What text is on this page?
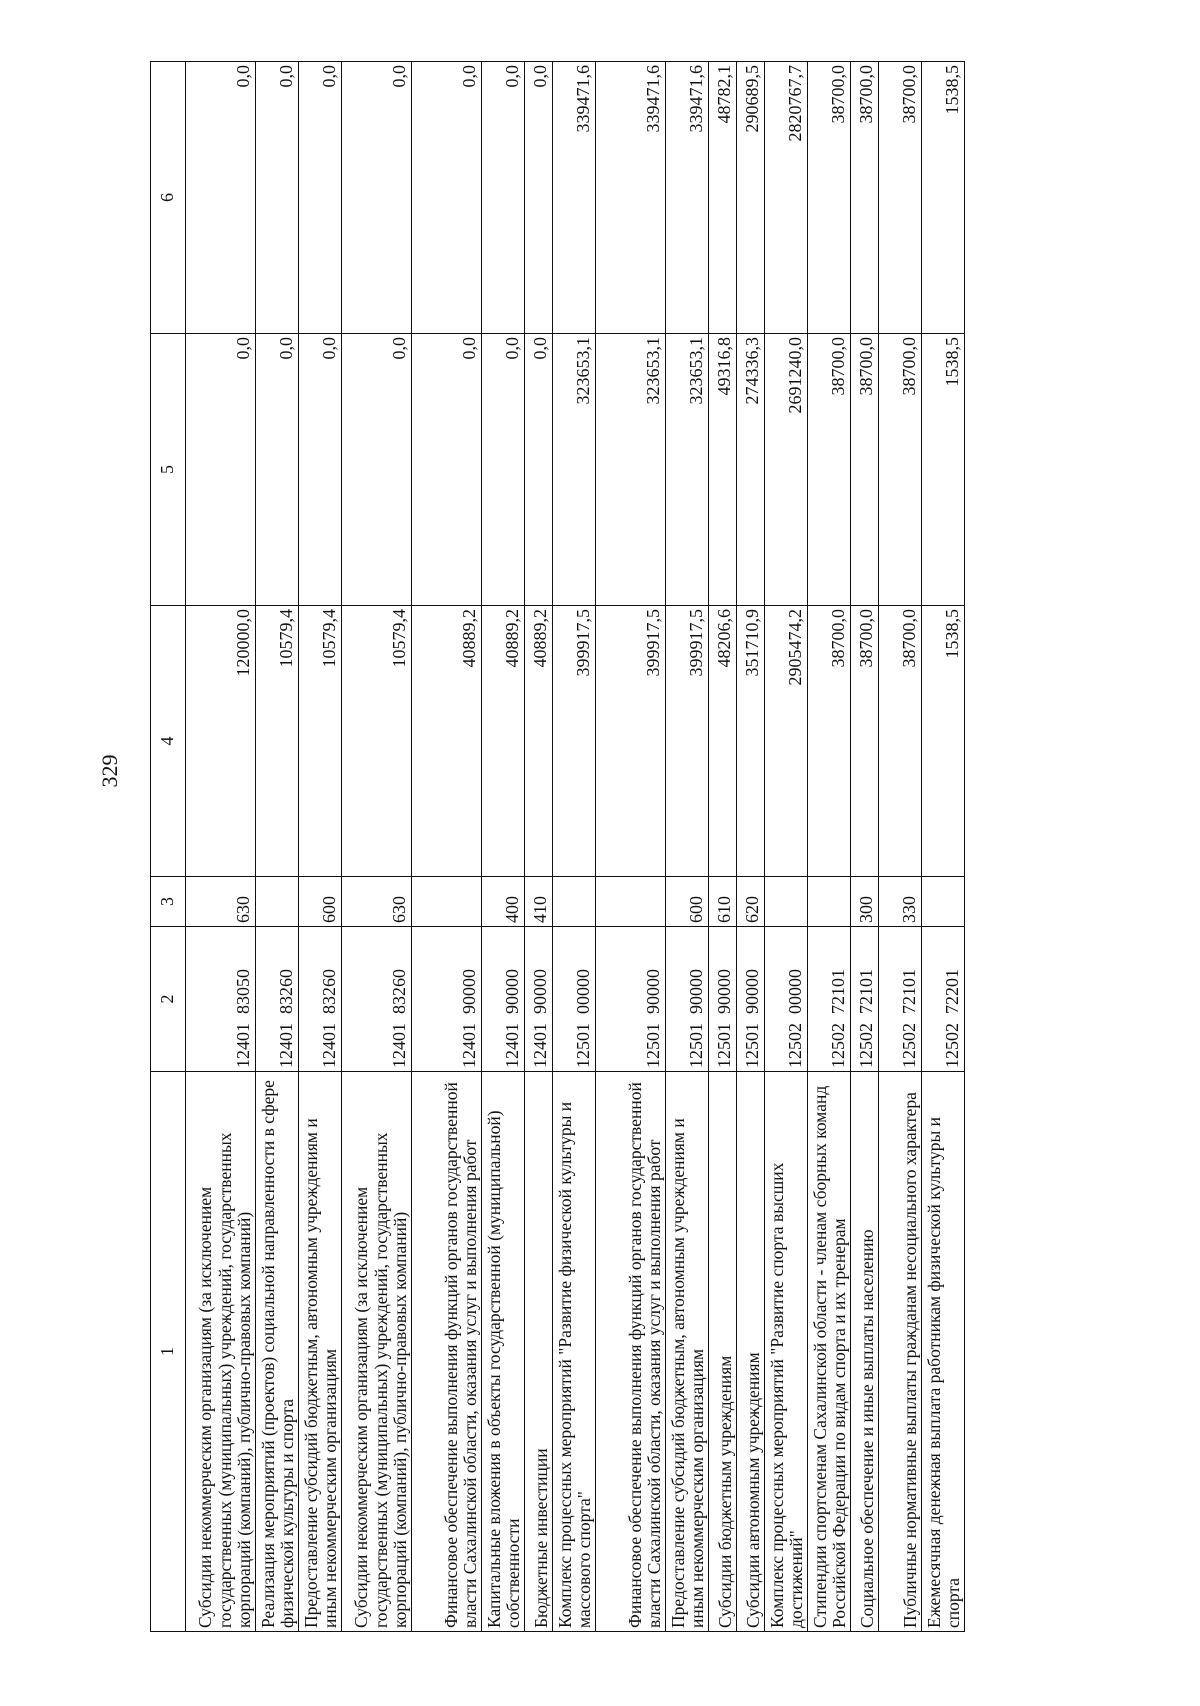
329
1	2	3	4	5	6
Субсидии некоммерческим организациям (за исключением государственных (муниципальных) учреждений, государственных корпораций (компаний), публично-правовых компаний)	1240183050	630	120000,0	0,0	0,0
Реализация мероприятий (проектов) социальной направленности в сфере физической культуры и спорта	1240183260		10579,4	0,0	0,0
Предоставление субсидий бюджетным, автономным учреждениям и иным некоммерческим организациям	1240183260	600	10579,4	0,0	0,0
Субсидии некоммерческим организациям (за исключением государственных (муниципальных) учреждений, государственных корпораций (компаний), публично-правовых компаний)	1240183260	630	10579,4	0,0	0,0
Финансовое обеспечение выполнения функций органов государственной власти Сахалинской области, оказания услуг и выполнения работ	1240190000		40889,2	0,0	0,0
Капитальные вложения в объекты государственной (муниципальной) собственности	1240190000	400	40889,2	0,0	0,0
Бюджетные инвестиции	1240190000	410	40889,2	0,0	0,0
Комплекс процессных мероприятий "Развитие физической культуры и массового спорта"	1250100000		399917,5	323653,1	339471,6
Финансовое обеспечение выполнения функций органов государственной власти Сахалинской области, оказания услуг и выполнения работ	1250190000		399917,5	323653,1	339471,6
Предоставление субсидий бюджетным, автономным учреждениям и иным некоммерческим организациям	1250190000	600	399917,5	323653,1	339471,6
Субсидии бюджетным учреждениям	1250190000	610	48206,6	49316,8	48782,1
Субсидии автономным учреждениям	1250190000	620	351710,9	274336,3	290689,5
Комплекс процессных мероприятий "Развитие спорта высших достижений"	1250200000		2905474,2	2691240,0	2820767,7
Стипендии спортсменам Сахалинской области - членам сборных команд Российской Федерации по видам спорта и их тренерам	1250272101		38700,0	38700,0	38700,0
Социальное обеспечение и иные выплаты населению	1250272101	300	38700,0	38700,0	38700,0
Публичные нормативные выплаты гражданам несоциального характера	1250272101	330	38700,0	38700,0	38700,0
Ежемесячная денежная выплата работникам физической культуры и спорта	1250272201		1538,5	1538,5	1538,5
